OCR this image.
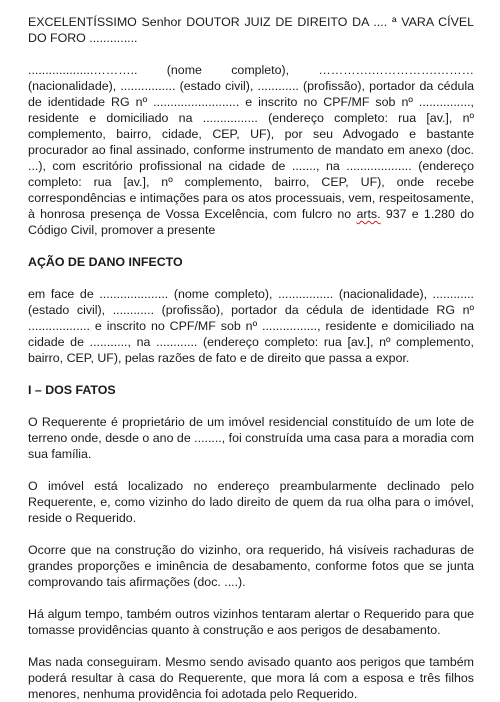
EXCELENTÍSSIMO Senhor DOUTOR JUIZ DE DIREITO DA .... ª VARA CÍVEL DO FORO ..............

...................……….. (nome completo), ………….…………….……… (nacionalidade), ................ (estado civil), ............ (profissão), portador da cédula de identidade RG nº ......................... e inscrito no CPF/MF sob nº ..............., residente e domiciliado na ................ (endereço completo: rua [av.], nº complemento, bairro, cidade, CEP, UF), por seu Advogado e bastante procurador ao final assinado, conforme instrumento de mandato em anexo (doc. ...), com escritório profissional na cidade de ......., na ................... (endereço completo: rua [av.], nº complemento, bairro, CEP, UF), onde recebe correspondências e intimações para os atos processuais, vem, respeitosamente, à honrosa presença de Vossa Excelência, com fulcro no arts. 937 e 1.280 do Código Civil, promover a presente

AÇÃO DE DANO INFECTO

em face de .................... (nome completo), ................ (nacionalidade), ............ (estado civil), ............ (profissão), portador da cédula de identidade RG nº .................. e inscrito no CPF/MF sob nº ................, residente e domiciliado na cidade de ..........., na ............ (endereço completo: rua [av.], nº complemento, bairro, CEP, UF), pelas razões de fato e de direito que passa a expor.

I – DOS FATOS

O Requerente é proprietário de um imóvel residencial constituído de um lote de terreno onde, desde o ano de ........, foi construída uma casa para a moradia com sua família.

O imóvel está localizado no endereço preambularmente declinado pelo Requerente, e, como vizinho do lado direito de quem da rua olha para o imóvel, reside o Requerido.

Ocorre que na construção do vizinho, ora requerido, há visíveis rachaduras de grandes proporções e iminência de desabamento, conforme fotos que se junta comprovando tais afirmações (doc. ....).

Há algum tempo, também outros vizinhos tentaram alertar o Requerido para que tomasse providências quanto à construção e aos perigos de desabamento.

Mas nada conseguiram. Mesmo sendo avisado quanto aos perigos que também poderá resultar à casa do Requerente, que mora lá com a esposa e três filhos menores, nenhuma providência foi adotada pelo Requerido.
